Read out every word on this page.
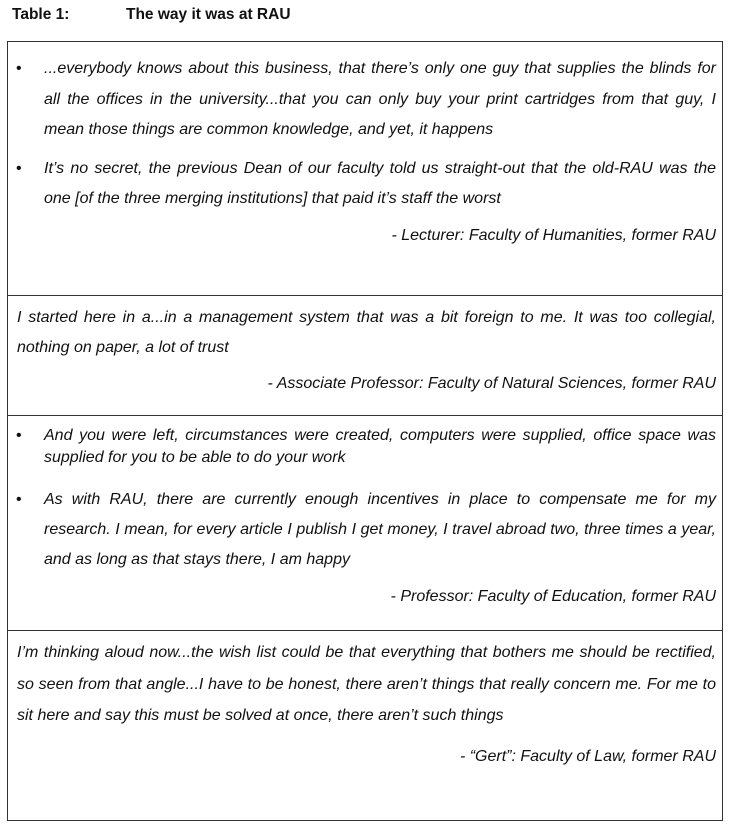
Table 1:	The way it was at RAU
• ...everybody knows about this business, that there’s only one guy that supplies the blinds for all the offices in the university...that you can only buy your print cartridges from that guy, I mean those things are common knowledge, and yet, it happens
• It’s no secret, the previous Dean of our faculty told us straight-out that the old-RAU was the one [of the three merging institutions] that paid it’s staff the worst
- Lecturer: Faculty of Humanities, former RAU
I started here in a...in a management system that was a bit foreign to me. It was too collegial, nothing on paper, a lot of trust
- Associate Professor: Faculty of Natural Sciences, former RAU
• And you were left, circumstances were created, computers were supplied, office space was supplied for you to be able to do your work
• As with RAU, there are currently enough incentives in place to compensate me for my research. I mean, for every article I publish I get money, I travel abroad two, three times a year, and as long as that stays there, I am happy
- Professor: Faculty of Education, former RAU
I’m thinking aloud now...the wish list could be that everything that bothers me should be rectified, so seen from that angle...I have to be honest, there aren’t things that really concern me. For me to sit here and say this must be solved at once, there aren’t such things
- “Gert”: Faculty of Law, former RAU
